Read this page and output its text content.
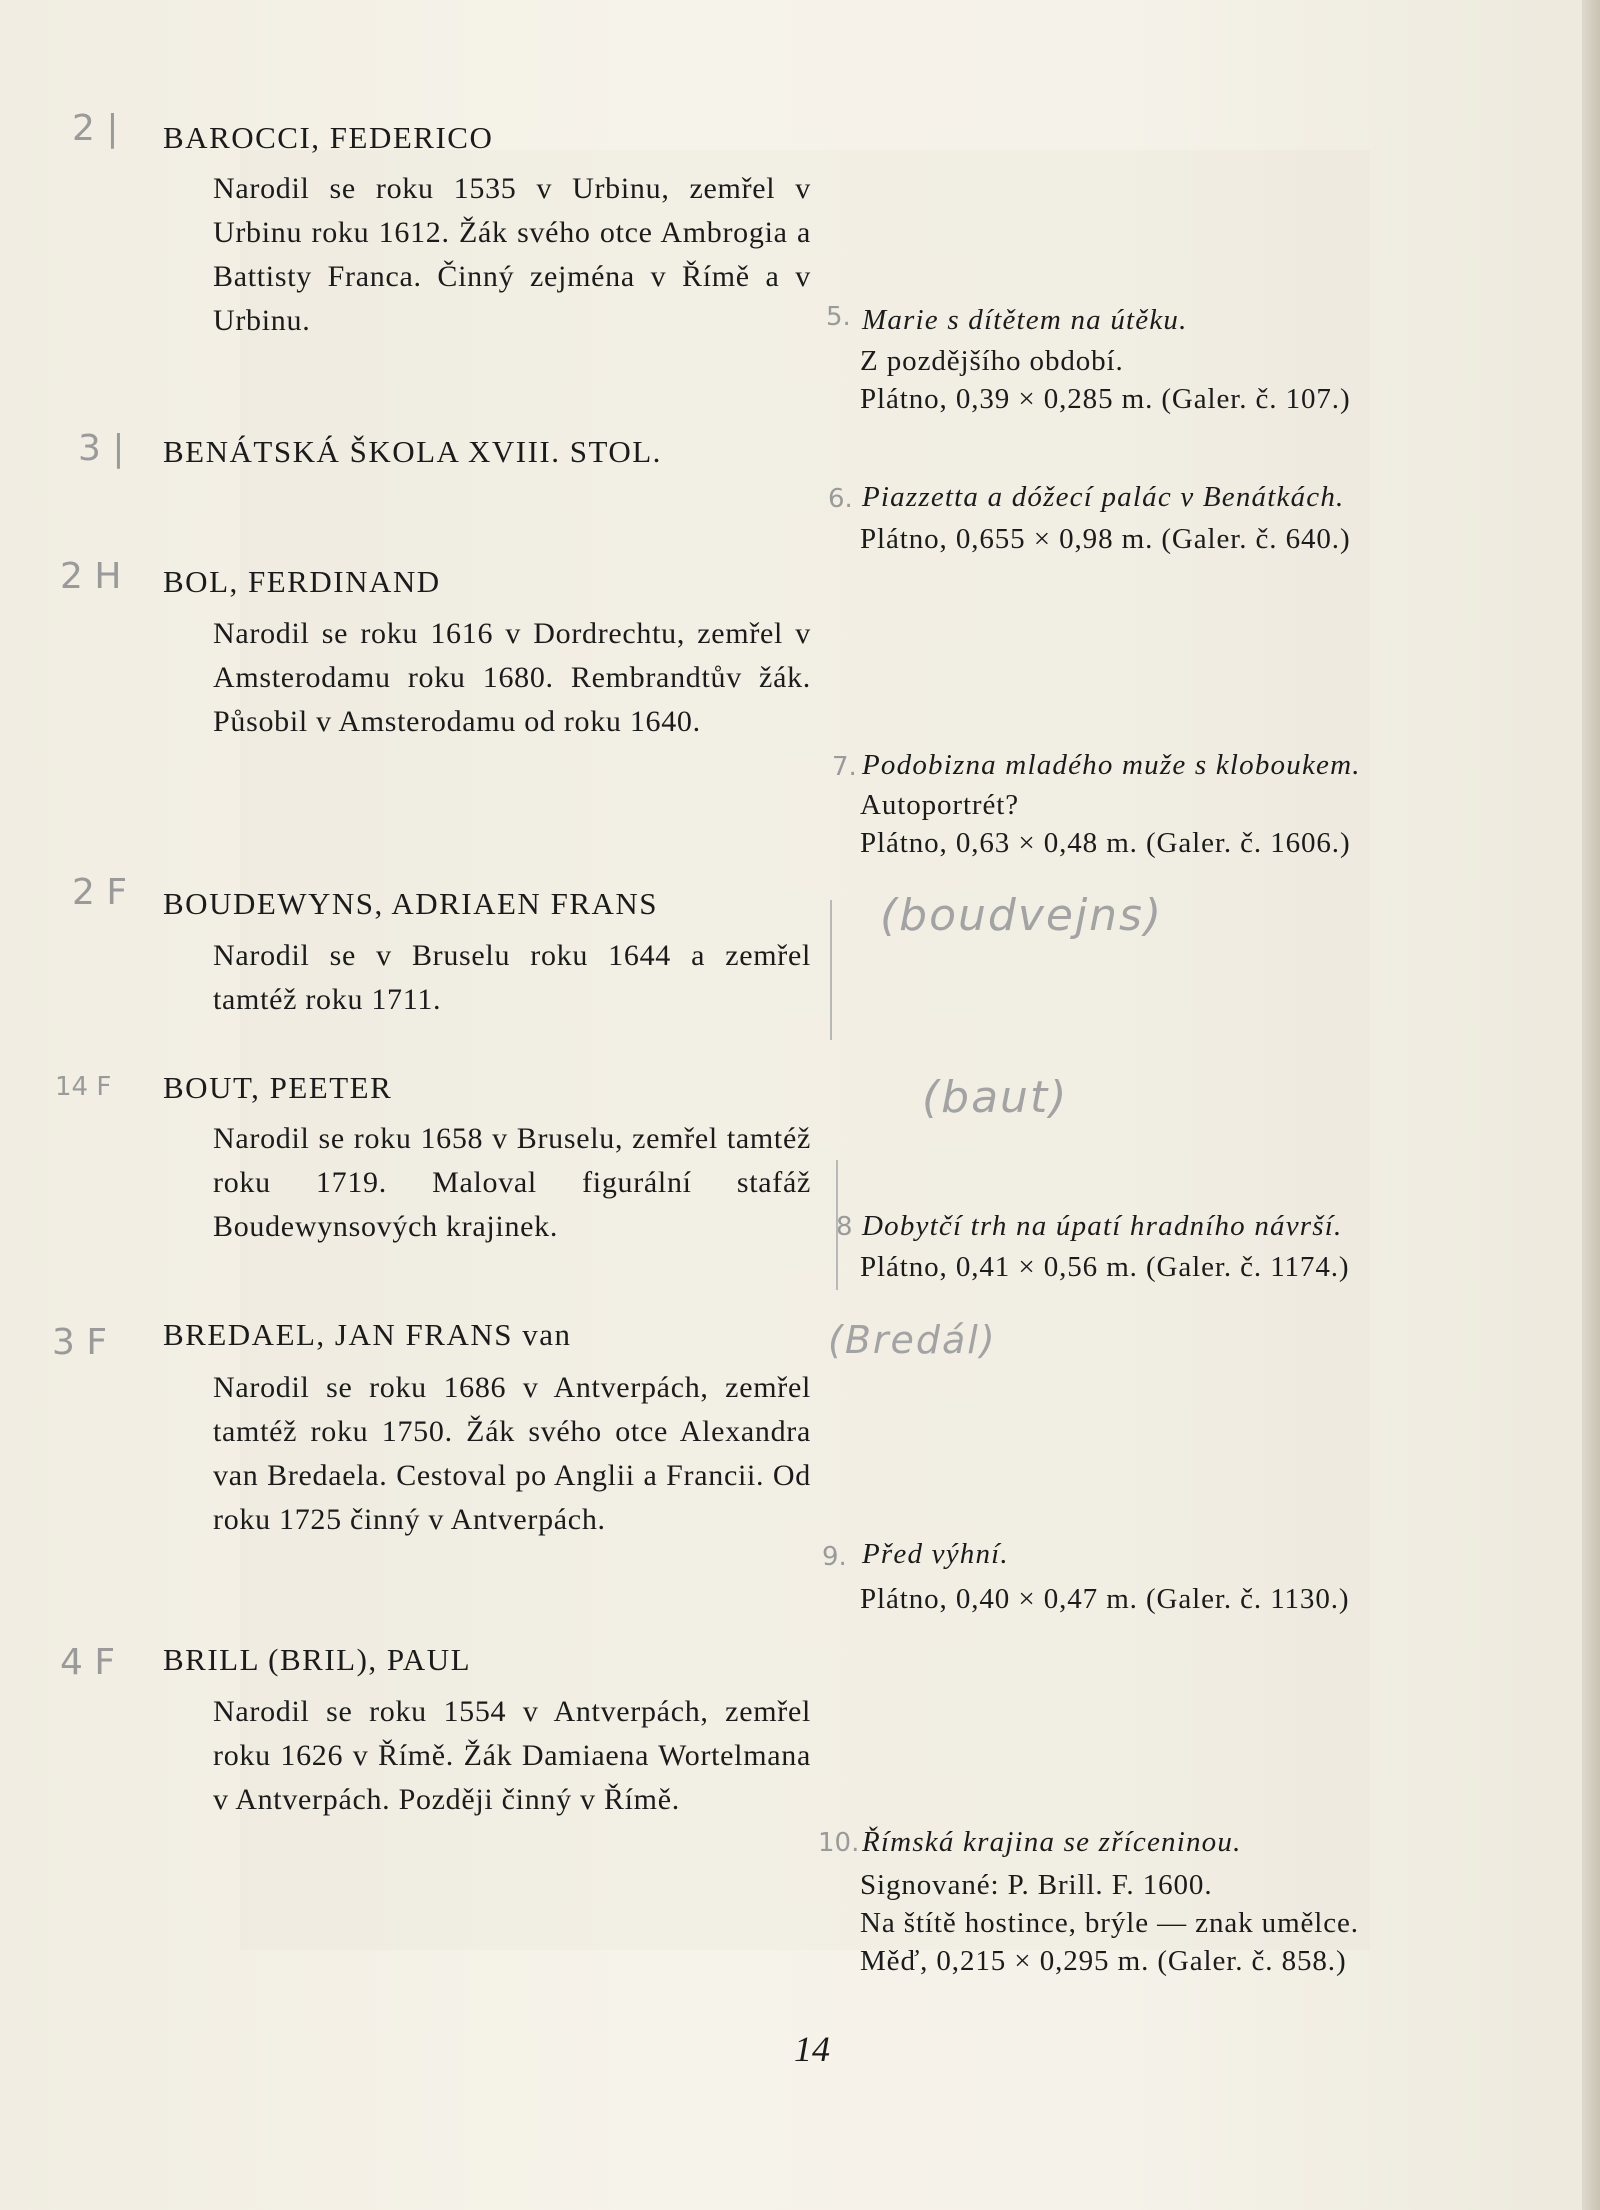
2 |
3 |
2 H
2 F
14 F
3 F
4 F
BAROCCI, FEDERICO
Narodil se roku 1535 v Urbinu, zemřel v Urbinu roku 1612. Žák svého otce Ambrogia a Battisty Franca. Činný zejména v Římě a v Urbinu.
BENÁTSKÁ ŠKOLA XVIII. STOL.
BOL, FERDINAND
Narodil se roku 1616 v Dordrechtu, zemřel v Amsterodamu roku 1680. Rembrandtův žák. Působil v Amsterodamu od roku 1640.
BOUDEWYNS, ADRIAEN FRANS
Narodil se v Bruselu roku 1644 a zemřel tamtéž roku 1711.
BOUT, PEETER
Narodil se roku 1658 v Bruselu, zemřel tamtéž roku 1719. Maloval figurální stafáž Boudewynsových krajinek.
BREDAEL, JAN FRANS van
Narodil se roku 1686 v Antverpách, zemřel tamtéž roku 1750. Žák svého otce Alexandra van Bredaela. Cestoval po Anglii a Francii. Od roku 1725 činný v Antverpách.
BRILL (BRIL), PAUL
Narodil se roku 1554 v Antverpách, zemřel roku 1626 v Římě. Žák Damiaena Wortelmana v Antverpách. Později činný v Římě.
5. Marie s dítětem na útěku.
Z pozdějšího období.
Plátno, 0,39 × 0,285 m. (Galer. č. 107.)
6. Piazzetta a dóžecí palác v Benátkách.
Plátno, 0,655 × 0,98 m. (Galer. č. 640.)
7. Podobizna mladého muže s kloboukem.
Autoportrét?
Plátno, 0,63 × 0,48 m. (Galer. č. 1606.)
8 Dobytčí trh na úpatí hradního návrší.
Plátno, 0,41 × 0,56 m. (Galer. č. 1174.)
9. Před výhní.
Plátno, 0,40 × 0,47 m. (Galer. č. 1130.)
10. Římská krajina se zříceninou.
Signované: P. Brill. F. 1600.
Na štítě hostince, brýle — znak umělce.
Měď, 0,215 × 0,295 m. (Galer. č. 858.)
(boudvejns)
(baut)
(Bredál)
14
